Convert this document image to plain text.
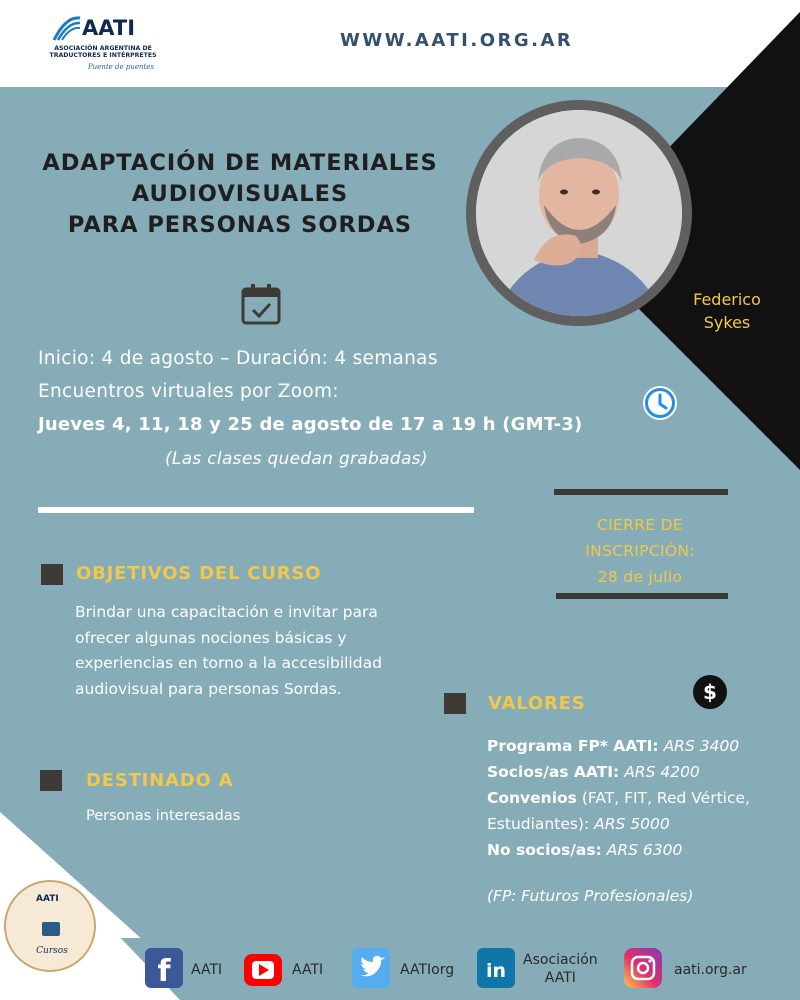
AATI
ASOCIACIÓN ARGENTINA DE
TRADUCTORES E INTÉRPRETES
Puente de puentes
WWW.AATI.ORG.AR
ADAPTACIÓN DE MATERIALES
AUDIOVISUALES
PARA PERSONAS SORDAS
Federico
Sykes
Inicio: 4 de agosto – Duración: 4 semanas
Encuentros virtuales por Zoom:
Jueves 4, 11, 18 y 25 de agosto de 17 a 19 h (GMT-3)
(Las clases quedan grabadas)
CIERRE DE
INSCRIPCIÓN:
28 de julio
OBJETIVOS DEL CURSO
Brindar una capacitación e invitar para ofrecer algunas nociones básicas y experiencias en torno a la accesibilidad audiovisual para personas Sordas.
DESTINADO A
Personas interesadas
VALORES	$
Programa FP* AATI: ARS 3400
Socios/as AATI: ARS 4200
Convenios (FAT, FIT, Red Vértice,
Estudiantes): ARS 5000
No socios/as: ARS 6300
(FP: Futuros Profesionales)
AATI
Cursos
f AATI	AATI	AATIorg in Asociación
AATI	aati.org.ar
